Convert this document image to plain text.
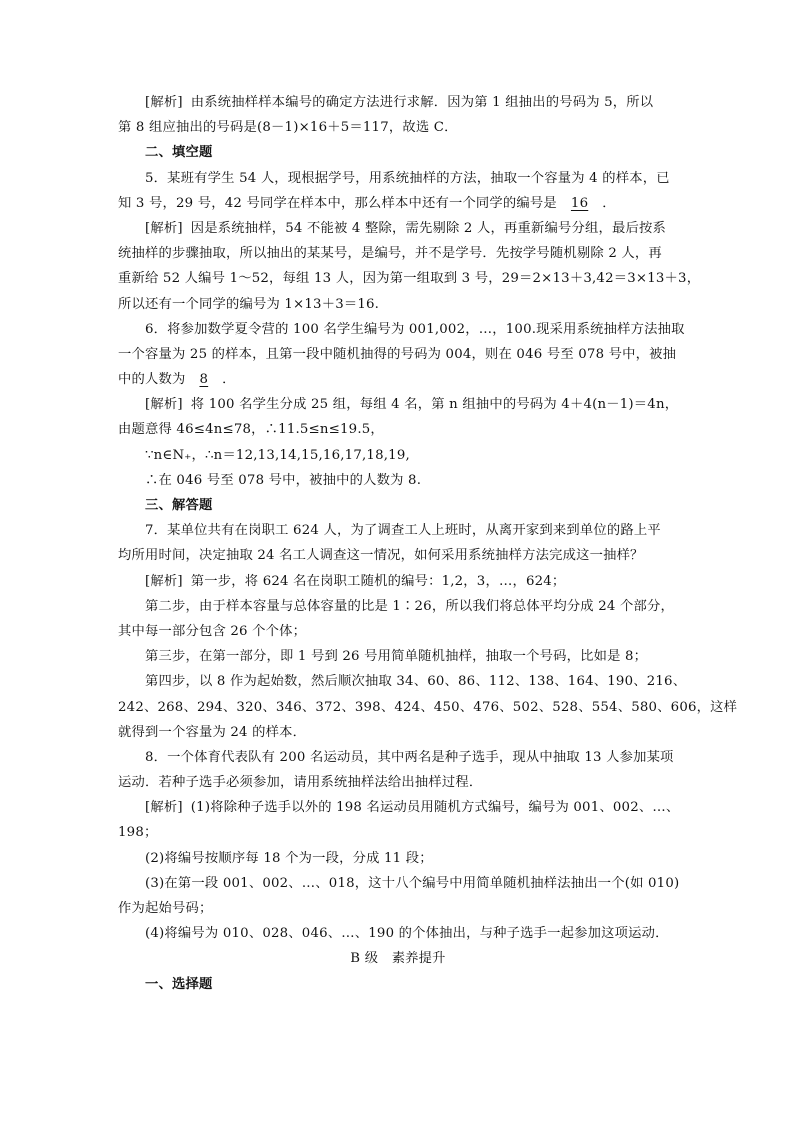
[解析] 由系统抽样样本编号的确定方法进行求解．因为第 1 组抽出的号码为 5，所以
第 8 组应抽出的号码是(8－1)×16＋5＝117，故选 C．
二、填空题
5．某班有学生 54 人，现根据学号，用系统抽样的方法，抽取一个容量为 4 的样本，已
知 3 号，29 号，42 号同学在样本中，那么样本中还有一个同学的编号是 16 ．
[解析] 因是系统抽样，54 不能被 4 整除，需先剔除 2 人，再重新编号分组，最后按系
统抽样的步骤抽取，所以抽出的某某号，是编号，并不是学号．先按学号随机剔除 2 人，再
重新给 52 人编号 1～52，每组 13 人，因为第一组取到 3 号，29＝2×13＋3,42＝3×13＋3，
所以还有一个同学的编号为 1×13＋3＝16.
6．将参加数学夏令营的 100 名学生编号为 001,002，…，100.现采用系统抽样方法抽取
一个容量为 25 的样本，且第一段中随机抽得的号码为 004，则在 046 号至 078 号中，被抽
中的人数为 8 ．
[解析] 将 100 名学生分成 25 组，每组 4 名，第 n 组抽中的号码为 4＋4(n－1)＝4n，
由题意得 46≤4n≤78，∴11.5≤n≤19.5，
∵n∈N₊，∴n＝12,13,14,15,16,17,18,19,
∴在 046 号至 078 号中，被抽中的人数为 8.
三、解答题
7．某单位共有在岗职工 624 人，为了调查工人上班时，从离开家到来到单位的路上平
均所用时间，决定抽取 24 名工人调查这一情况，如何采用系统抽样方法完成这一抽样？
[解析] 第一步，将 624 名在岗职工随机的编号：1,2，3，…，624；
第二步，由于样本容量与总体容量的比是 1∶26，所以我们将总体平均分成 24 个部分，
其中每一部分包含 26 个个体；
第三步，在第一部分，即 1 号到 26 号用简单随机抽样，抽取一个号码，比如是 8；
第四步，以 8 作为起始数，然后顺次抽取 34、60、86、112、138、164、190、216、
242、268、294、320、346、372、398、424、450、476、502、528、554、580、606，这样
就得到一个容量为 24 的样本．
8．一个体育代表队有 200 名运动员，其中两名是种子选手，现从中抽取 13 人参加某项
运动．若种子选手必须参加，请用系统抽样法给出抽样过程．
[解析] (1)将除种子选手以外的 198 名运动员用随机方式编号，编号为 001、002、…、
198；
(2)将编号按顺序每 18 个为一段，分成 11 段；
(3)在第一段 001、002、…、018，这十八个编号中用简单随机抽样法抽出一个(如 010)
作为起始号码；
(4)将编号为 010、028、046、…、190 的个体抽出，与种子选手一起参加这项运动．
B 级　素养提升
一、选择题
